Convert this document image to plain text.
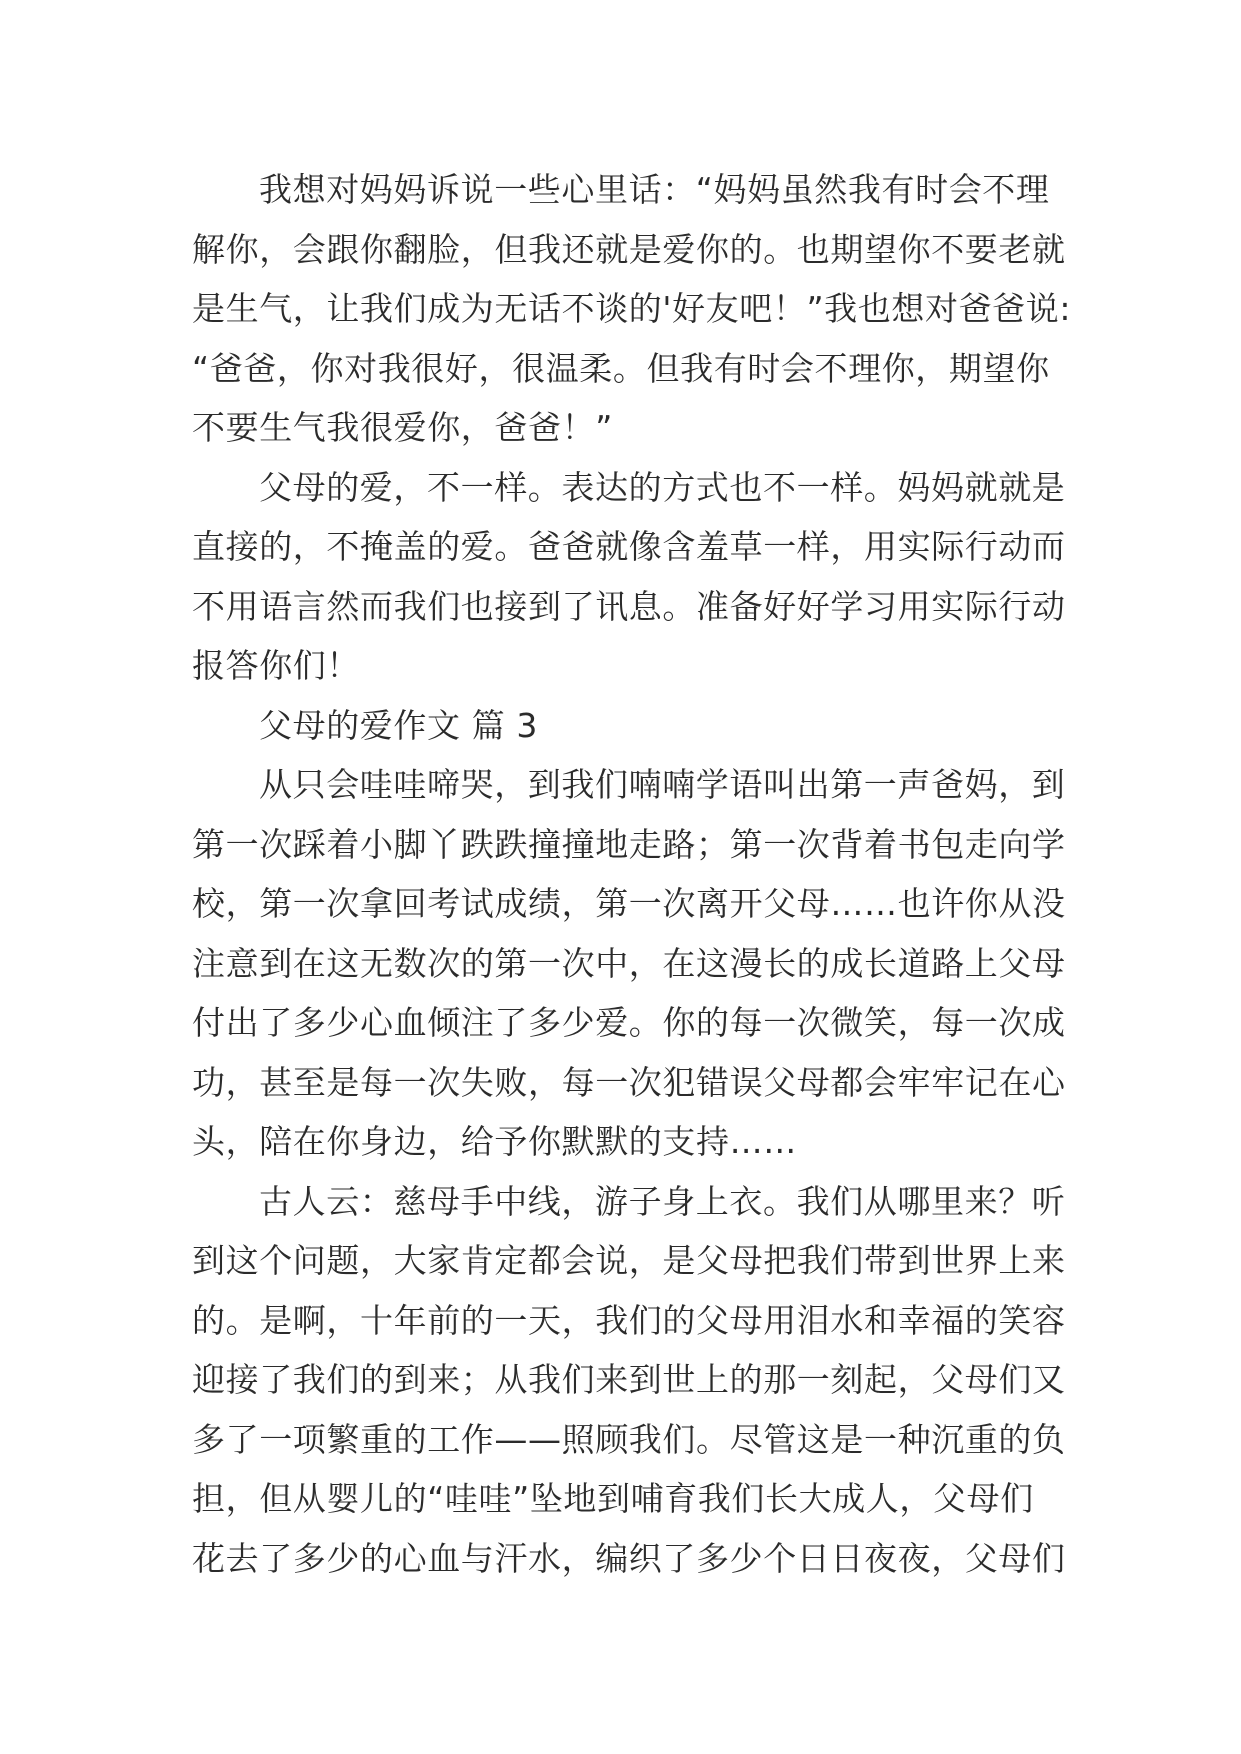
我想对妈妈诉说一些心里话：“妈妈虽然我有时会不理
解你，会跟你翻脸，但我还就是爱你的。也期望你不要老就
是生气，让我们成为无话不谈的'好友吧！”我也想对爸爸说:
“爸爸，你对我很好，很温柔。但我有时会不理你，期望你
不要生气我很爱你，爸爸！”
父母的爱，不一样。表达的方式也不一样。妈妈就就是
直接的，不掩盖的爱。爸爸就像含羞草一样，用实际行动而
不用语言然而我们也接到了讯息。准备好好学习用实际行动
报答你们！
父母的爱作文 篇 3
从只会哇哇啼哭，到我们喃喃学语叫出第一声爸妈，到
第一次踩着小脚丫跌跌撞撞地走路；第一次背着书包走向学
校，第一次拿回考试成绩，第一次离开父母……也许你从没
注意到在这无数次的第一次中，在这漫长的成长道路上父母
付出了多少心血倾注了多少爱。你的每一次微笑，每一次成
功，甚至是每一次失败，每一次犯错误父母都会牢牢记在心
头，陪在你身边，给予你默默的支持……
古人云：慈母手中线，游子身上衣。我们从哪里来？听
到这个问题，大家肯定都会说，是父母把我们带到世界上来
的。是啊，十年前的一天，我们的父母用泪水和幸福的笑容
迎接了我们的到来；从我们来到世上的那一刻起，父母们又
多了一项繁重的工作——照顾我们。尽管这是一种沉重的负
担，但从婴儿的“哇哇”坠地到哺育我们长大成人，父母们
花去了多少的心血与汗水，编织了多少个日日夜夜，父母们
